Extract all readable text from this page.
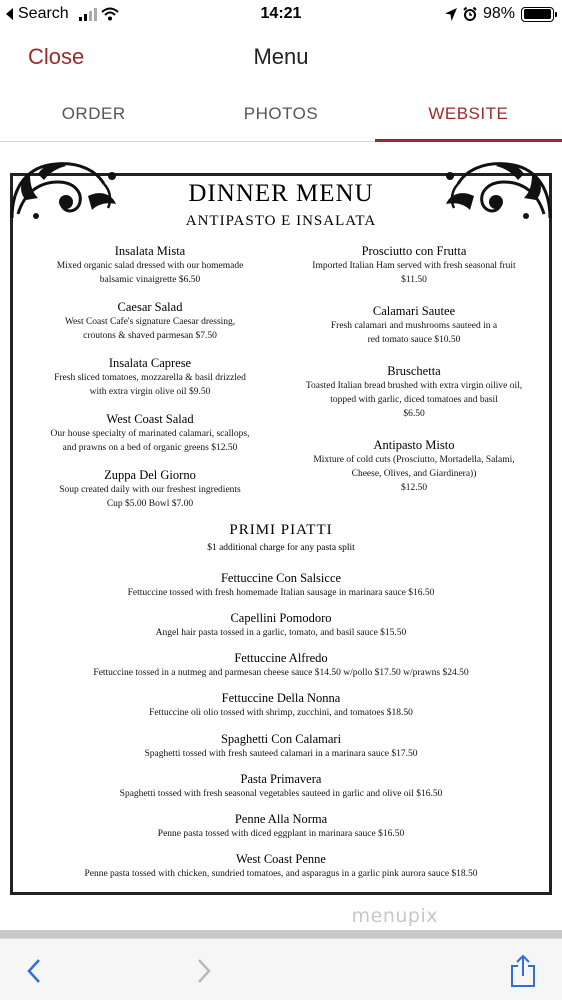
Search	14:21	98%
Close	Menu
ORDER	PHOTOS	WEBSITE
DINNER MENU
ANTIPASTO E INSALATA
Insalata Mista
Mixed organic salad dressed with our homemade
balsamic vinaigrette $6.50
Caesar Salad
West Coast Cafe's signature Caesar dressing,
croutons & shaved parmesan $7.50
Insalata Caprese
Fresh sliced tomatoes, mozzarella & basil drizzled
with extra virgin olive oil $9.50
West Coast Salad
Our house specialty of marinated calamari, scallops,
and prawns on a bed of organic greens $12.50
Zuppa Del Giorno
Soup created daily with our freshest ingredients
Cup $5.00 Bowl $7.00
Prosciutto con Frutta
Imported Italian Ham served with fresh seasonal fruit
$11.50
Calamari Sautee
Fresh calamari and mushrooms sauteed in a
red tomato sauce $10.50
Bruschetta
Toasted Italian bread brushed with extra virgin oilive oil,
topped with garlic, diced tomatoes and basil
$6.50
Antipasto Misto
Mixture of cold cuts (Prosciutto, Mortadella, Salami,
Cheese, Olives, and Giardinera))
$12.50
PRIMI PIATTI
$1 additional charge for any pasta split
Fettuccine Con Salsicce
Fettuccine tossed with fresh homemade Italian sausage in marinara sauce $16.50
Capellini Pomodoro
Angel hair pasta tossed in a garlic, tomato, and basil sauce $15.50
Fettuccine Alfredo
Fettuccine tossed in a nutmeg and parmesan cheese sauce $14.50 w/pollo $17.50 w/prawns $24.50
Fettuccine Della Nonna
Fettuccine oli olio tossed with shrimp, zucchini, and tomatoes $18.50
Spaghetti Con Calamari
Spaghetti tossed with fresh sauteed calamari in a marinara sauce $17.50
Pasta Primavera
Spaghetti tossed with fresh seasonal vegetables sauteed in garlic and olive oil $16.50
Penne Alla Norma
Penne pasta tossed with diced eggplant in marinara sauce $16.50
West Coast Penne
Penne pasta tossed with chicken, sundried tomatoes, and asparagus in a garlic pink aurora sauce $18.50
menupix
